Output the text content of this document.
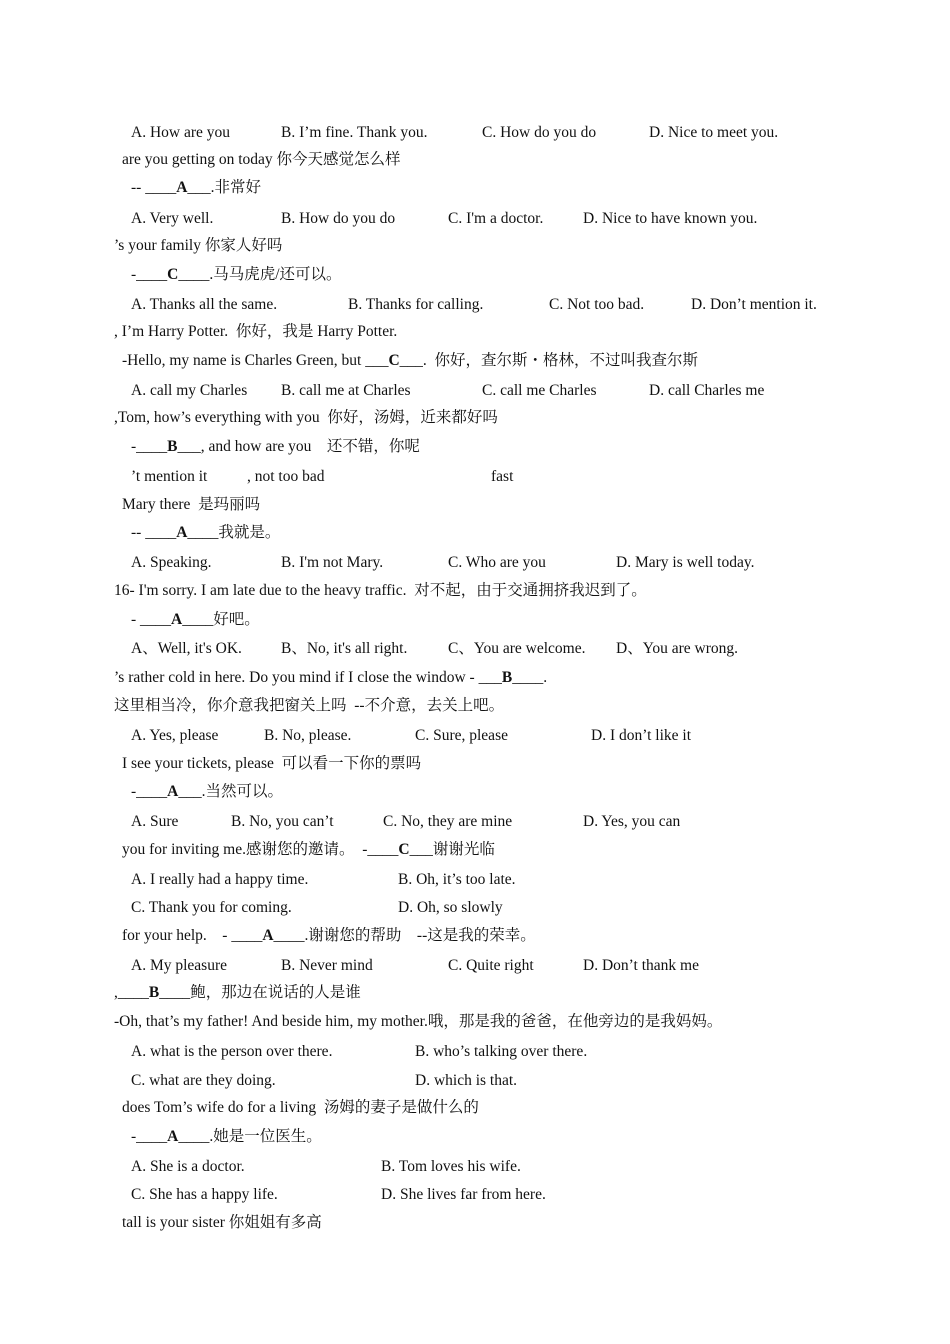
A. How are you	B. I’m fine. Thank you.	C. How do you do	D. Nice to meet you.
are you getting on today 你今天感觉怎么样
-- ____A___.非常好
A. Very well.	B. How do you do	C. I'm a doctor.	D. Nice to have known you.
’s your family 你家人好吗
-____C____.马马虎虎/还可以。
A. Thanks all the same.	B. Thanks for calling.	C. Not too bad.	D. Don’t mention it.
, I’m Harry Potter.  你好，我是 Harry Potter.
-Hello, my name is Charles Green, but ___C___.  你好，查尔斯・格林，不过叫我查尔斯
A. call my Charles B. call me at Charles	C. call me Charles	D. call Charles me
,Tom, how’s everything with you  你好，汤姆，近来都好吗
-____B___, and how are you    还不错，你呢
’t mention it	, not too bad	fast
Mary there  是玛丽吗
-- ____A____我就是。
A. Speaking.	B. I'm not Mary.	C. Who are you	D. Mary is well today.
16- I'm sorry. I am late due to the heavy traffic.  对不起，由于交通拥挤我迟到了。
- ____A____好吧。
A、Well, it's OK.	B、No, it's all right.	C、You are welcome. D、You are wrong.
’s rather cold in here. Do you mind if I close the window - ___B____.
这里相当冷，你介意我把窗关上吗  --不介意，去关上吧。
A. Yes, please	B. No, please.	C. Sure, please	D. I don’t like it
I see your tickets, please  可以看一下你的票吗
-____A___.当然可以。
A. Sure	B. No, you can’t	C. No, they are mine	D. Yes, you can
you for inviting me.感谢您的邀请。  -____C___谢谢光临
A. I really had a happy time.	B. Oh, it’s too late.
C. Thank you for coming.	D. Oh, so slowly
for your help.    - ____A____.谢谢您的帮助    --这是我的荣幸。
A. My pleasure	B. Never mind	C. Quite right	D. Don’t thank me
,____B____鲍，那边在说话的人是谁
-Oh, that’s my father! And beside him, my mother.哦，那是我的爸爸，在他旁边的是我妈妈。
A. what is the person over there.	B. who’s talking over there.
C. what are they doing.	D. which is that.
does Tom’s wife do for a living  汤姆的妻子是做什么的
-____A____.她是一位医生。
A. She is a doctor.	B. Tom loves his wife.
C. She has a happy life.	D. She lives far from here.
tall is your sister 你姐姐有多高
